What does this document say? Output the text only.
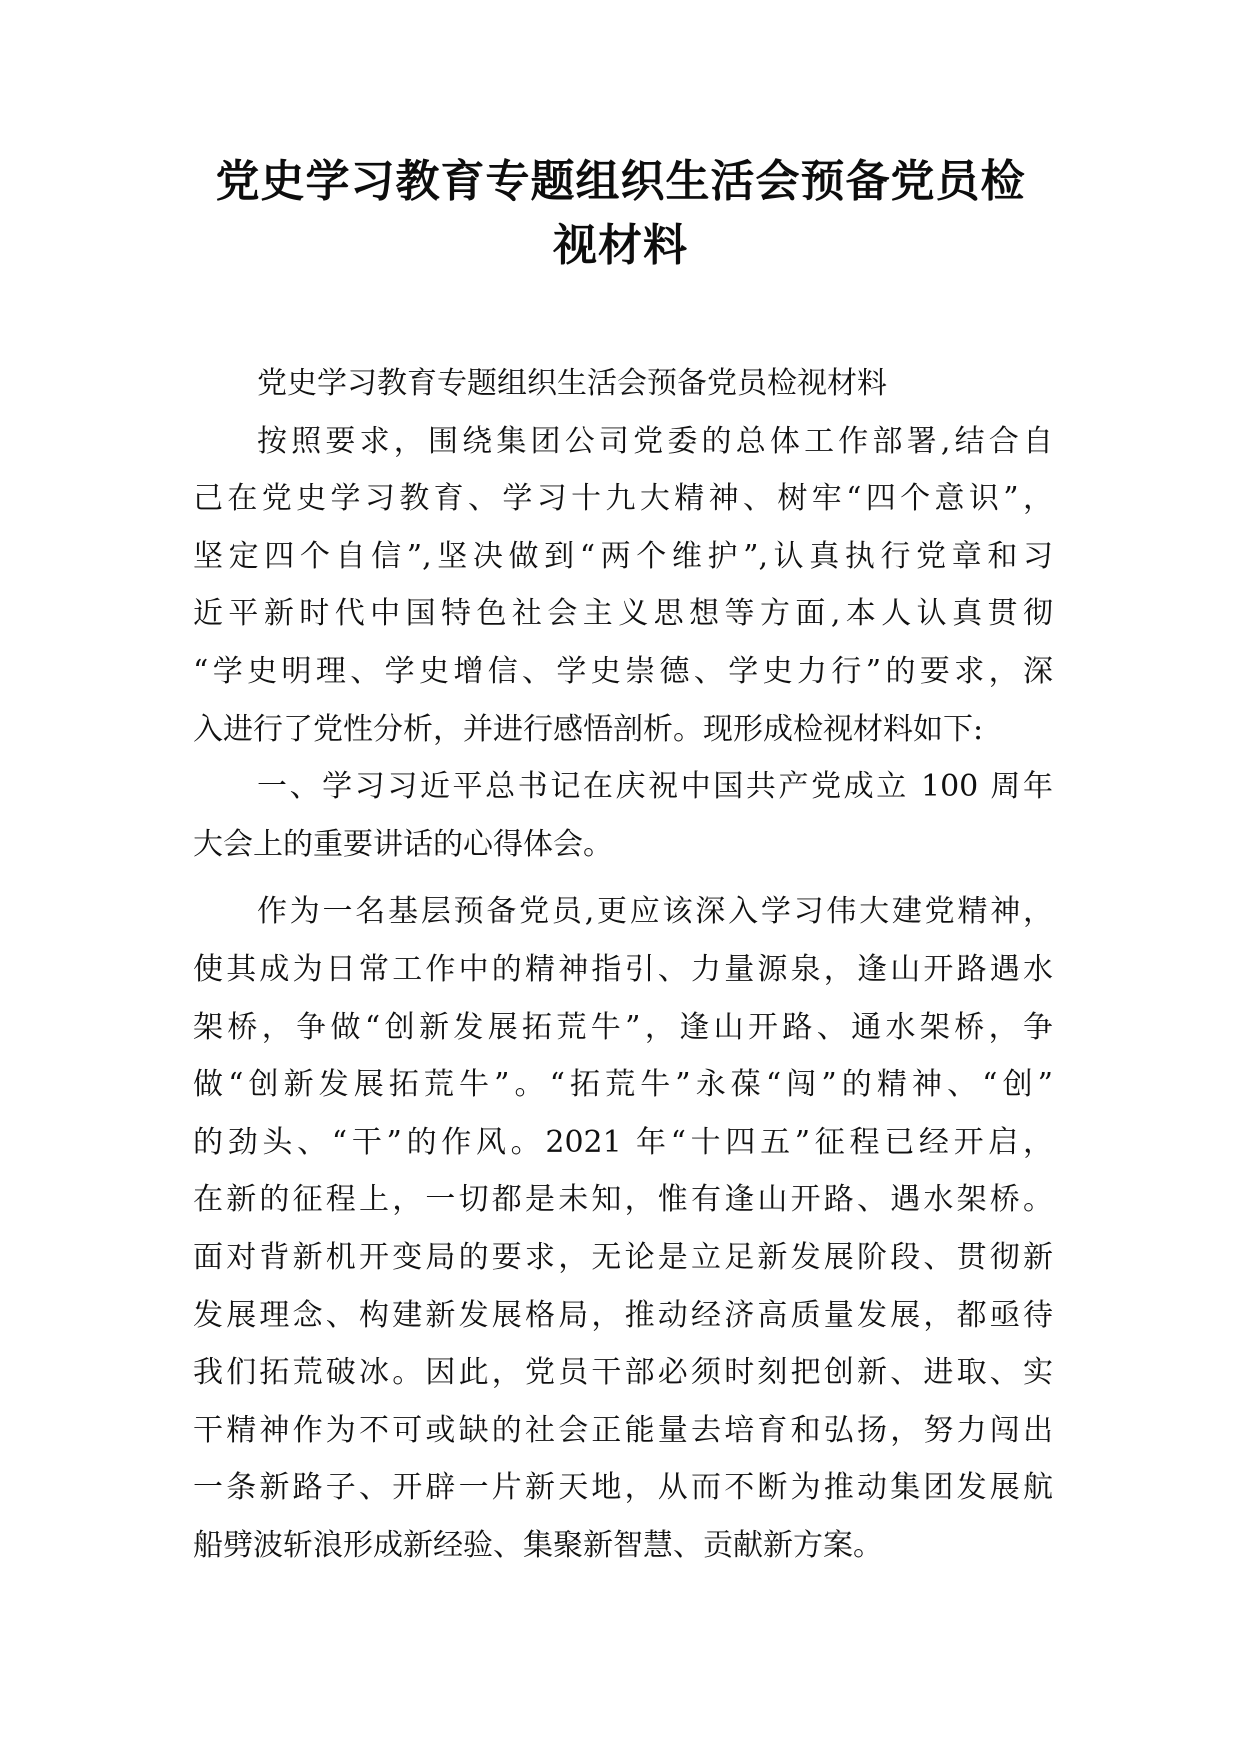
党史学习教育专题组织生活会预备党员检
视材料
党史学习教育专题组织生活会预备党员检视材料
按照要求，围绕集团公司党委的总体工作部署,结合自
己在党史学习教育、学习十九大精神、树牢“四个意识”，
坚定四个自信”,坚决做到“两个维护”,认真执行党章和习
近平新时代中国特色社会主义思想等方面,本人认真贯彻
“学史明理、学史增信、学史崇德、学史力行”的要求，深
入进行了党性分析，并进行感悟剖析。现形成检视材料如下:
一、学习习近平总书记在庆祝中国共产党成立 100 周年
大会上的重要讲话的心得体会。
作为一名基层预备党员,更应该深入学习伟大建党精神，
使其成为日常工作中的精神指引、力量源泉，逢山开路遇水
架桥，争做“创新发展拓荒牛”，逢山开路、通水架桥，争
做“创新发展拓荒牛”。“拓荒牛”永葆“闯”的精神、“创”
的劲头、“干”的作风。2021 年“十四五”征程已经开启，
在新的征程上，一切都是未知，惟有逢山开路、遇水架桥。
面对背新机开变局的要求，无论是立足新发展阶段、贯彻新
发展理念、构建新发展格局，推动经济高质量发展，都亟待
我们拓荒破冰。因此，党员干部必须时刻把创新、进取、实
干精神作为不可或缺的社会正能量去培育和弘扬，努力闯出
一条新路子、开辟一片新天地，从而不断为推动集团发展航
船劈波斩浪形成新经验、集聚新智慧、贡献新方案。
